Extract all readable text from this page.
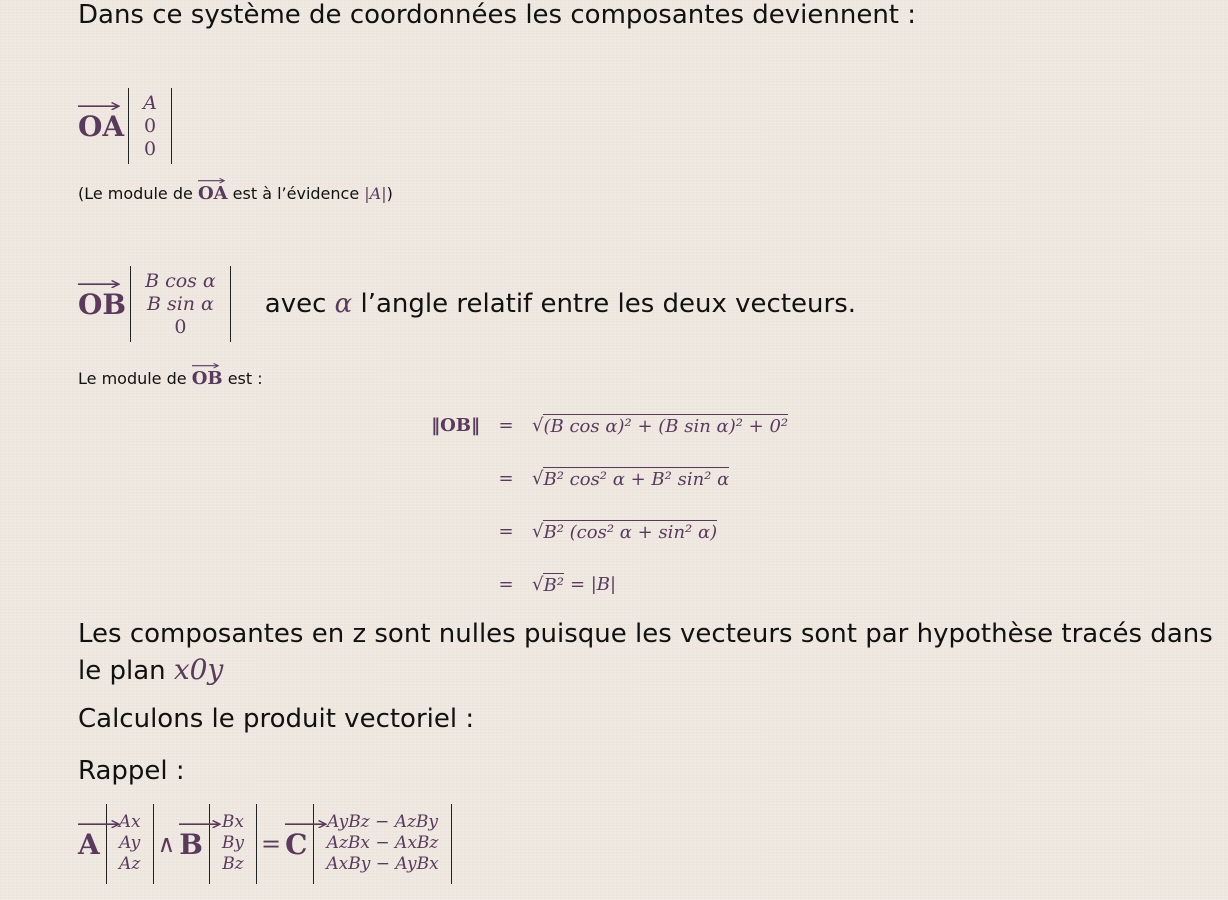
Dans ce système de coordonnées les composantes deviennent :
OA
A
0
0
(Le module de OA
est à l’évidence |A|)
OB
B cos α
B sin α
0
avec α l’angle relatif entre les deux vecteurs.
Le module de OB
est :
‖OB‖	=	√ (B cos α)² + (B sin α)² + 0²
=	√ B² cos² α + B² sin² α
=	√ B² (cos² α + sin² α)
=	√ B² = |B|
Les composantes en z sont nulles puisque les vecteurs sont par hypothèse tracés dans
le plan x0y
Calculons le produit vectoriel :
Rappel :
A
Ax
Ay
Az
∧ B
Bx
By
Bz
= C
AyBz − AzBy
AzBx − AxBz
AxBy − AyBx
